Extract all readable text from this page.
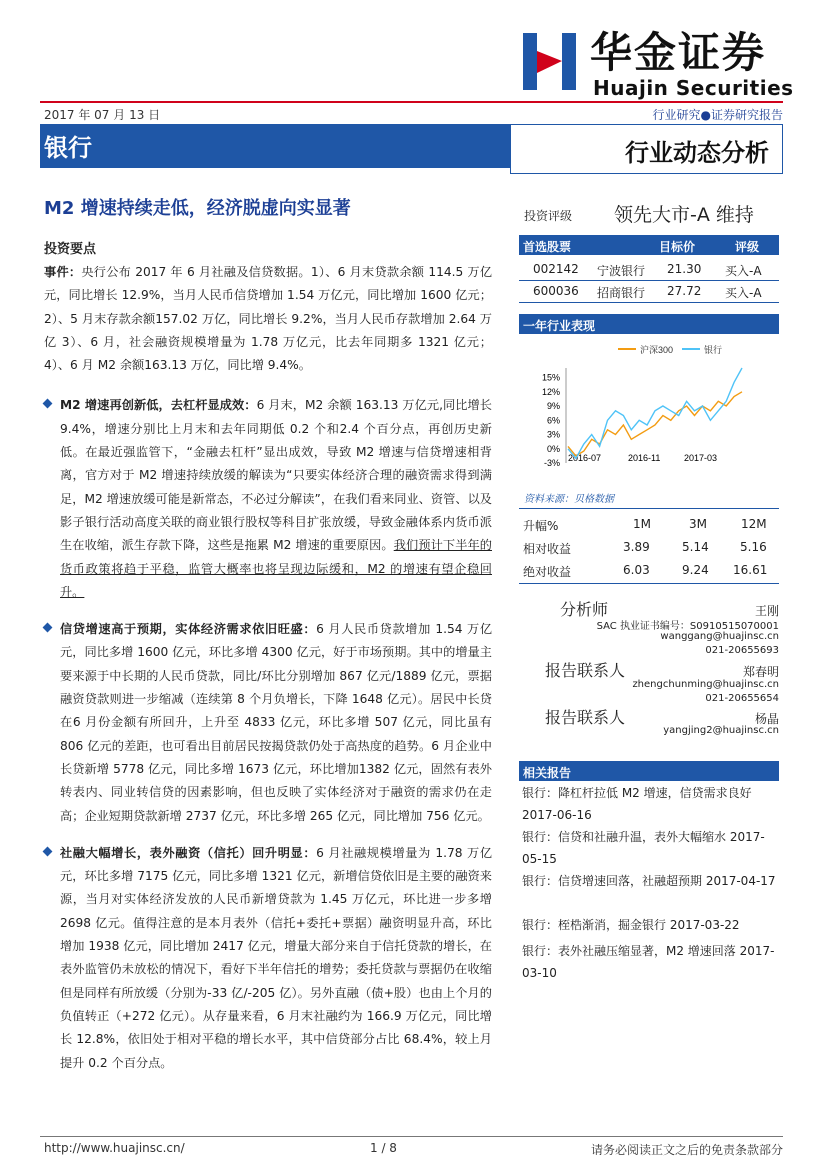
华金证券
Huajin Securities
2017 年 07 月 13 日	行业研究●证券研究报告
银行	行业动态分析
M2 增速持续走低，经济脱虚向实显著
投资要点

事件：央行公布 2017 年 6 月社融及信贷数据。1）、6 月末贷款余额 114.5 万亿元，同比增长 12.9%，当月人民币信贷增加 1.54 万亿元，同比增加 1600 亿元；2）、5 月末存款余额157.02 万亿，同比增长 9.2%，当月人民币存款增加 2.64 万亿 3）、6 月，社会融资规模增量为 1.78 万亿元，比去年同期多 1321 亿元； 4）、6 月 M2 余额163.13 万亿，同比增 9.4%。

M2 增速再创新低，去杠杆显成效：6 月末，M2 余额 163.13 万亿元,同比增长 9.4%，增速分别比上月末和去年同期低 0.2 个和2.4 个百分点，再创历史新低。在最近强监管下，“金融去杠杆”显出成效，导致 M2 增速与信贷增速相背离，官方对于 M2 增速持续放缓的解读为“只要实体经济合理的融资需求得到满足，M2 增速放缓可能是新常态，不必过分解读”，在我们看来同业、资管、以及影子银行活动高度关联的商业银行股权等科目扩张放缓，导致金融体系内货币派生在收缩，派生存款下降，这些是拖累 M2 增速的重要原因。我们预计下半年的货币政策将趋于平稳，监管大概率也将呈现边际缓和，M2 的增速有望企稳回升。

信贷增速高于预期，实体经济需求依旧旺盛：6 月人民币贷款增加 1.54 万亿元，同比多增 1600 亿元，环比多增 4300 亿元，好于市场预期。其中的增量主要来源于中长期的人民币贷款，同比/环比分别增加 867 亿元/1889 亿元，票据融资贷款则进一步缩减（连续第 8 个月负增长，下降 1648 亿元）。居民中长贷在6 月份金额有所回升，上升至 4833 亿元，环比多增 507 亿元，同比虽有 806 亿元的差距，也可看出目前居民按揭贷款仍处于高热度的趋势。6 月企业中长贷新增 5778 亿元，同比多增 1673 亿元，环比增加1382 亿元，固然有表外转表内、同业转信贷的因素影响，但也反映了实体经济对于融资的需求仍在走高；企业短期贷款新增 2737 亿元，环比多增 265 亿元，同比增加 756 亿元。

社融大幅增长，表外融资（信托）回升明显：6 月社融规模增量为 1.78 万亿元，环比多增 7175 亿元，同比多增 1321 亿元，新增信贷依旧是主要的融资来源，当月对实体经济发放的人民币新增贷款为 1.45 万亿元，环比进一步多增 2698 亿元。值得注意的是本月表外（信托+委托+票据）融资明显升高，环比增加 1938 亿元，同比增加 2417 亿元，增量大部分来自于信托贷款的增长，在表外监管仍未放松的情况下，看好下半年信托的增势；委托贷款与票据仍在收缩但是同样有所放缓（分别为-33 亿/-205 亿）。另外直融（债+股）也由上个月的负值转正（+272 亿元）。从存量来看，6 月末社融约为 166.9 万亿元，同比增长 12.8%，依旧处于相对平稳的增长水平，其中信贷部分占比 68.4%，较上月提升 0.2 个百分点。

投资评级 领先大市-A 维持
首选股票	目标价	评级
002142 宁波银行 21.30 买入-A
600036 招商银行 27.72 买入-A
一年行业表现
沪深300	银行
15%
12%
9%
6%
3%
0%
-3% 2016-07	2016-11	2017-03
资料来源：贝格数据
升幅%	1M	3M	12M
相对收益	3.89	5.14	5.16
绝对收益	6.03	9.24 16.61
分析师	王刚
SAC 执业证书编号：S0910515070001
wanggang@huajinsc.cn
021-20655693
报告联系人	郑春明
zhengchunming@huajinsc.cn
021-20655654
报告联系人	杨晶
yangjing2@huajinsc.cn
相关报告
银行：降杠杆拉低 M2 增速，信贷需求良好 2017-06-16
银行：信贷和社融升温，表外大幅缩水 2017-05-15
银行：信贷增速回落，社融超预期 2017-04-17
银行：桎梏渐消，掘金银行 2017-03-22
银行：表外社融压缩显著，M2 增速回落 2017-03-10
http://www.huajinsc.cn/	1 / 8	请务必阅读正文之后的免责条款部分
